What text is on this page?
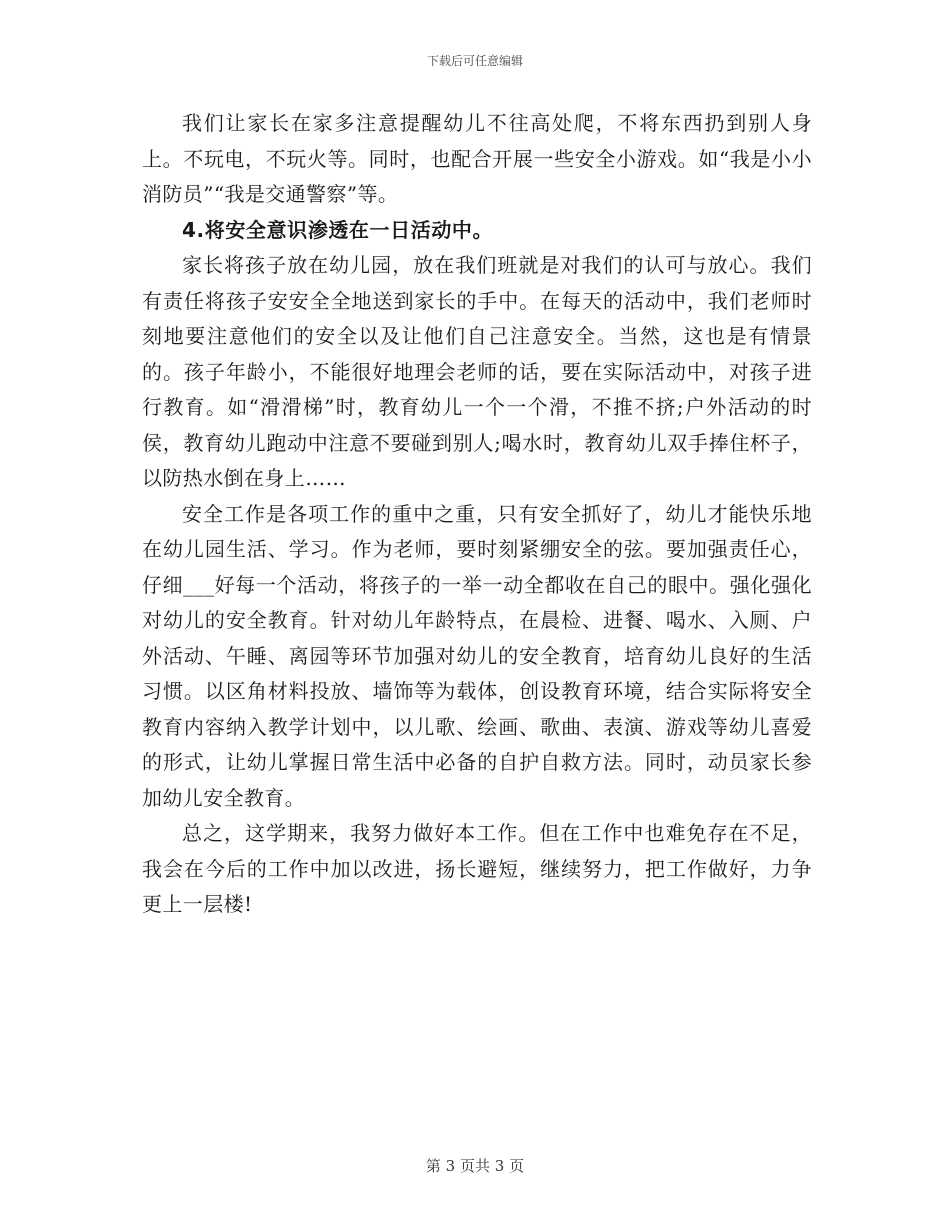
下载后可任意编辑

我们让家长在家多注意提醒幼儿不往高处爬，不将东西扔到别人身上。不玩电，不玩火等。同时，也配合开展一些安全小游戏。如“我是小小消防员”“我是交通警察”等。

4.将安全意识渗透在一日活动中。

家长将孩子放在幼儿园，放在我们班就是对我们的认可与放心。我们有责任将孩子安安全全地送到家长的手中。在每天的活动中，我们老师时刻地要注意他们的安全以及让他们自己注意安全。当然，这也是有情景的。孩子年龄小，不能很好地理会老师的话，要在实际活动中，对孩子进行教育。如“滑滑梯”时，教育幼儿一个一个滑，不推不挤;户外活动的时侯，教育幼儿跑动中注意不要碰到别人;喝水时，教育幼儿双手捧住杯子，以防热水倒在身上……

安全工作是各项工作的重中之重，只有安全抓好了，幼儿才能快乐地在幼儿园生活、学习。作为老师，要时刻紧绷安全的弦。要加强责任心，仔细___好每一个活动，将孩子的一举一动全都收在自己的眼中。强化强化对幼儿的安全教育。针对幼儿年龄特点，在晨检、进餐、喝水、入厕、户外活动、午睡、离园等环节加强对幼儿的安全教育，培育幼儿良好的生活习惯。以区角材料投放、墙饰等为载体，创设教育环境，结合实际将安全教育内容纳入教学计划中，以儿歌、绘画、歌曲、表演、游戏等幼儿喜爱的形式，让幼儿掌握日常生活中必备的自护自救方法。同时，动员家长参加幼儿安全教育。

总之，这学期来，我努力做好本工作。但在工作中也难免存在不足，我会在今后的工作中加以改进，扬长避短，继续努力，把工作做好，力争更上一层楼!

第 3 页共 3 页
